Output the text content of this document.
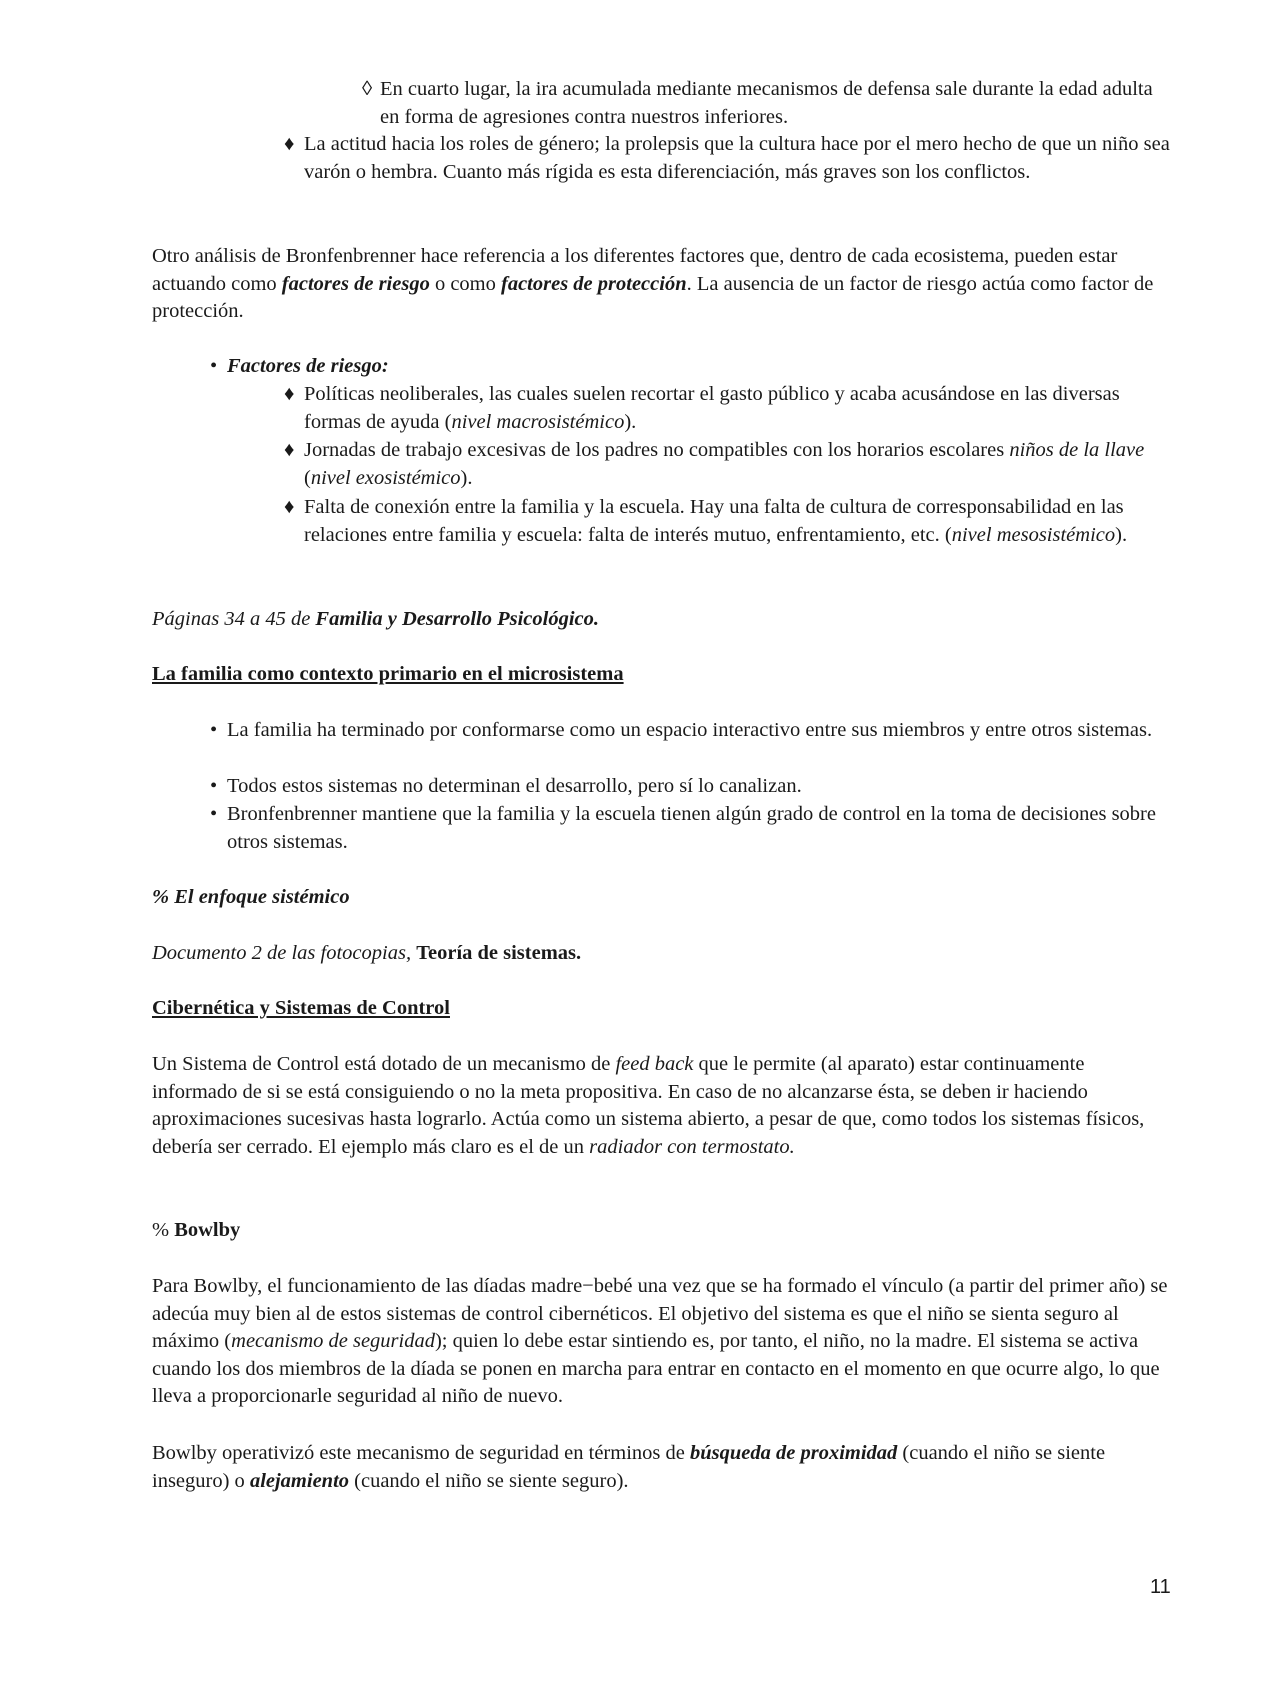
◊ En cuarto lugar, la ira acumulada mediante mecanismos de defensa sale durante la edad adulta en forma de agresiones contra nuestros inferiores.

♦ La actitud hacia los roles de género; la prolepsis que la cultura hace por el mero hecho de que un niño sea varón o hembra. Cuanto más rígida es esta diferenciación, más graves son los conflictos.

Otro análisis de Bronfenbrenner hace referencia a los diferentes factores que, dentro de cada ecosistema, pueden estar actuando como factores de riesgo o como factores de protección. La ausencia de un factor de riesgo actúa como factor de protección.

• Factores de riesgo:

♦ Políticas neoliberales, las cuales suelen recortar el gasto público y acaba acusándose en las diversas formas de ayuda (nivel macrosistémico).

♦ Jornadas de trabajo excesivas de los padres no compatibles con los horarios escolares niños de la llave (nivel exosistémico).

♦ Falta de conexión entre la familia y la escuela. Hay una falta de cultura de corresponsabilidad en las relaciones entre familia y escuela: falta de interés mutuo, enfrentamiento, etc. (nivel mesosistémico).

Páginas 34 a 45 de Familia y Desarrollo Psicológico.

La familia como contexto primario en el microsistema

• La familia ha terminado por conformarse como un espacio interactivo entre sus miembros y entre otros sistemas.

• Todos estos sistemas no determinan el desarrollo, pero sí lo canalizan.

• Bronfenbrenner mantiene que la familia y la escuela tienen algún grado de control en la toma de decisiones sobre otros sistemas.

% El enfoque sistémico

Documento 2 de las fotocopias, Teoría de sistemas.

Cibernética y Sistemas de Control

Un Sistema de Control está dotado de un mecanismo de feed back que le permite (al aparato) estar continuamente informado de si se está consiguiendo o no la meta propositiva. En caso de no alcanzarse ésta, se deben ir haciendo aproximaciones sucesivas hasta lograrlo. Actúa como un sistema abierto, a pesar de que, como todos los sistemas físicos, debería ser cerrado. El ejemplo más claro es el de un radiador con termostato.

% Bowlby

Para Bowlby, el funcionamiento de las díadas madre−bebé una vez que se ha formado el vínculo (a partir del primer año) se adecúa muy bien al de estos sistemas de control cibernéticos. El objetivo del sistema es que el niño se sienta seguro al máximo (mecanismo de seguridad); quien lo debe estar sintiendo es, por tanto, el niño, no la madre. El sistema se activa cuando los dos miembros de la díada se ponen en marcha para entrar en contacto en el momento en que ocurre algo, lo que lleva a proporcionarle seguridad al niño de nuevo.

Bowlby operativizó este mecanismo de seguridad en términos de búsqueda de proximidad (cuando el niño se siente inseguro) o alejamiento (cuando el niño se siente seguro).

11
